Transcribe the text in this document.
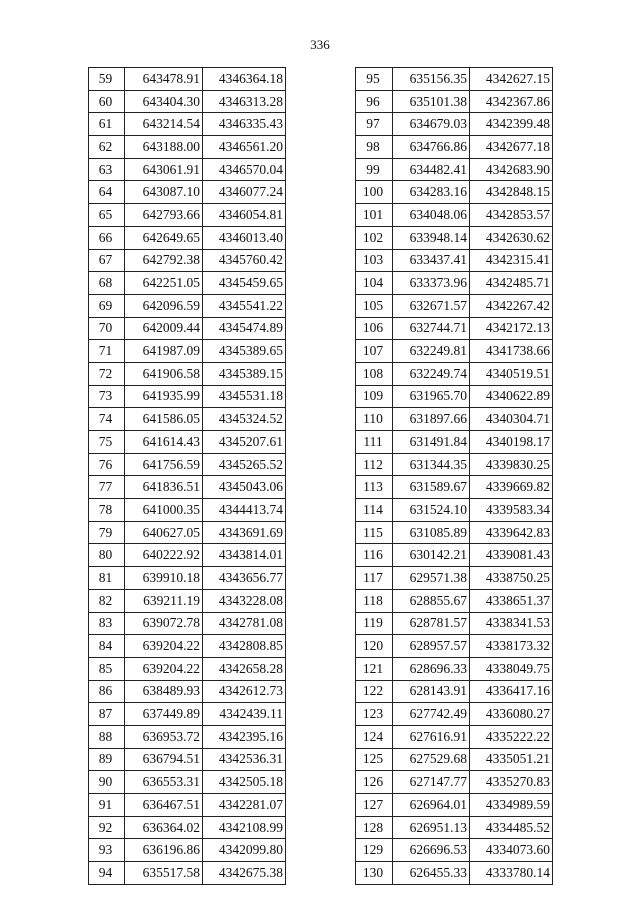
336
59	643478.91	4346364.18
60	643404.30	4346313.28
61	643214.54	4346335.43
62	643188.00	4346561.20
63	643061.91	4346570.04
64	643087.10	4346077.24
65	642793.66	4346054.81
66	642649.65	4346013.40
67	642792.38	4345760.42
68	642251.05	4345459.65
69	642096.59	4345541.22
70	642009.44	4345474.89
71	641987.09	4345389.65
72	641906.58	4345389.15
73	641935.99	4345531.18
74	641586.05	4345324.52
75	641614.43	4345207.61
76	641756.59	4345265.52
77	641836.51	4345043.06
78	641000.35	4344413.74
79	640627.05	4343691.69
80	640222.92	4343814.01
81	639910.18	4343656.77
82	639211.19	4343228.08
83	639072.78	4342781.08
84	639204.22	4342808.85
85	639204.22	4342658.28
86	638489.93	4342612.73
87	637449.89	4342439.11
88	636953.72	4342395.16
89	636794.51	4342536.31
90	636553.31	4342505.18
91	636467.51	4342281.07
92	636364.02	4342108.99
93	636196.86	4342099.80
94	635517.58	4342675.38
95	635156.35	4342627.15
96	635101.38	4342367.86
97	634679.03	4342399.48
98	634766.86	4342677.18
99	634482.41	4342683.90
100	634283.16	4342848.15
101	634048.06	4342853.57
102	633948.14	4342630.62
103	633437.41	4342315.41
104	633373.96	4342485.71
105	632671.57	4342267.42
106	632744.71	4342172.13
107	632249.81	4341738.66
108	632249.74	4340519.51
109	631965.70	4340622.89
110	631897.66	4340304.71
111	631491.84	4340198.17
112	631344.35	4339830.25
113	631589.67	4339669.82
114	631524.10	4339583.34
115	631085.89	4339642.83
116	630142.21	4339081.43
117	629571.38	4338750.25
118	628855.67	4338651.37
119	628781.57	4338341.53
120	628957.57	4338173.32
121	628696.33	4338049.75
122	628143.91	4336417.16
123	627742.49	4336080.27
124	627616.91	4335222.22
125	627529.68	4335051.21
126	627147.77	4335270.83
127	626964.01	4334989.59
128	626951.13	4334485.52
129	626696.53	4334073.60
130	626455.33	4333780.14
